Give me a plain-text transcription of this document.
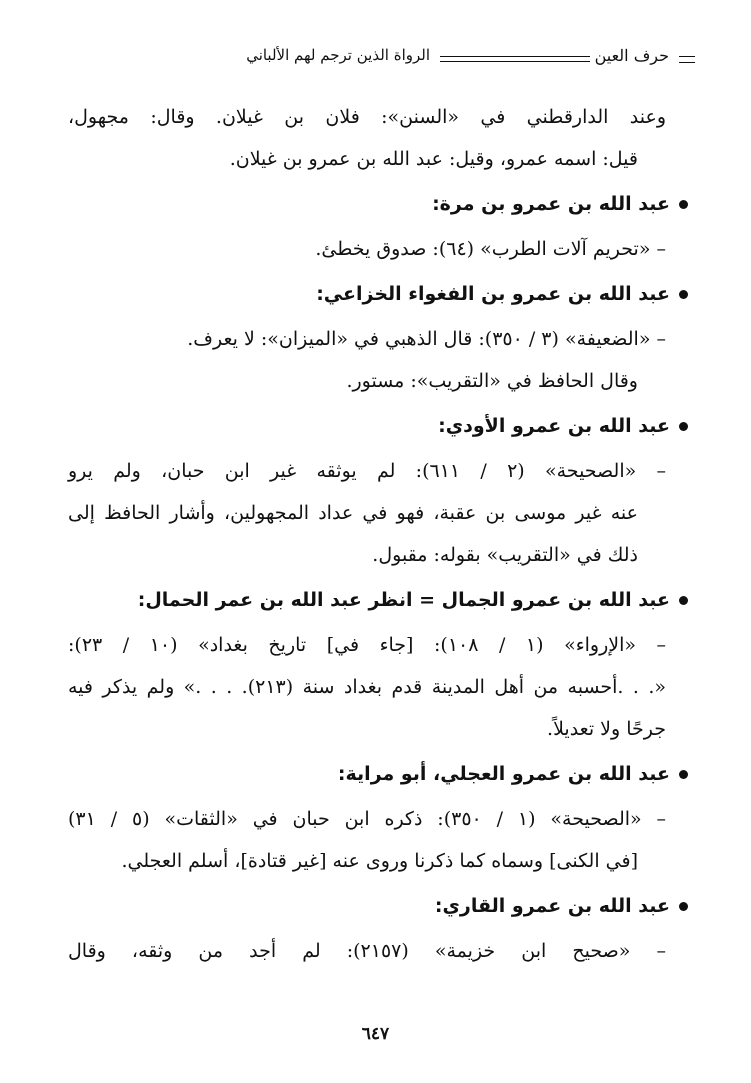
حرف العين
الرواة الذين ترجم لهم الألباني

وعند الدارقطني في «السنن»: فلان بن غيلان. وقال: مجهول،

قيل: اسمه عمرو، وقيل: عبد الله بن عمرو بن غيلان.

عبد الله بن عمرو بن مرة:

– «تحريم آلات الطرب» (٦٤): صدوق يخطئ.

عبد الله بن عمرو بن الفغواء الخزاعي:

– «الضعيفة» (٣ / ٣٥٠): قال الذهبي في «الميزان»: لا يعرف.

وقال الحافظ في «التقريب»: مستور.

عبد الله بن عمرو الأودي:

– «الصحيحة» (٢ / ٦١١): لم يوثقه غير ابن حبان، ولم يرو

عنه غير موسى بن عقبة، فهو في عداد المجهولين، وأشار الحافظ إلى

ذلك في «التقريب» بقوله: مقبول.

عبد الله بن عمرو الجمال = انظر عبد الله بن عمر الحمال:

– «الإرواء» (١ / ١٠٨): [جاء في] تاريخ بغداد» (١٠ / ٢٣):

«. . .أحسبه من أهل المدينة قدم بغداد سنة (٢١٣). . . .» ولم يذكر فيه

جرحًا ولا تعديلاً.

عبد الله بن عمرو العجلي، أبو مراية:

– «الصحيحة» (١ / ٣٥٠): ذكره ابن حبان في «الثقات» (٥ / ٣١)

[في الكنى] وسماه كما ذكرنا وروى عنه [غير قتادة]، أسلم العجلي.

عبد الله بن عمرو القاري:

– «صحيح ابن خزيمة» (٢١٥٧): لم أجد من وثقه، وقال

٦٤٧
